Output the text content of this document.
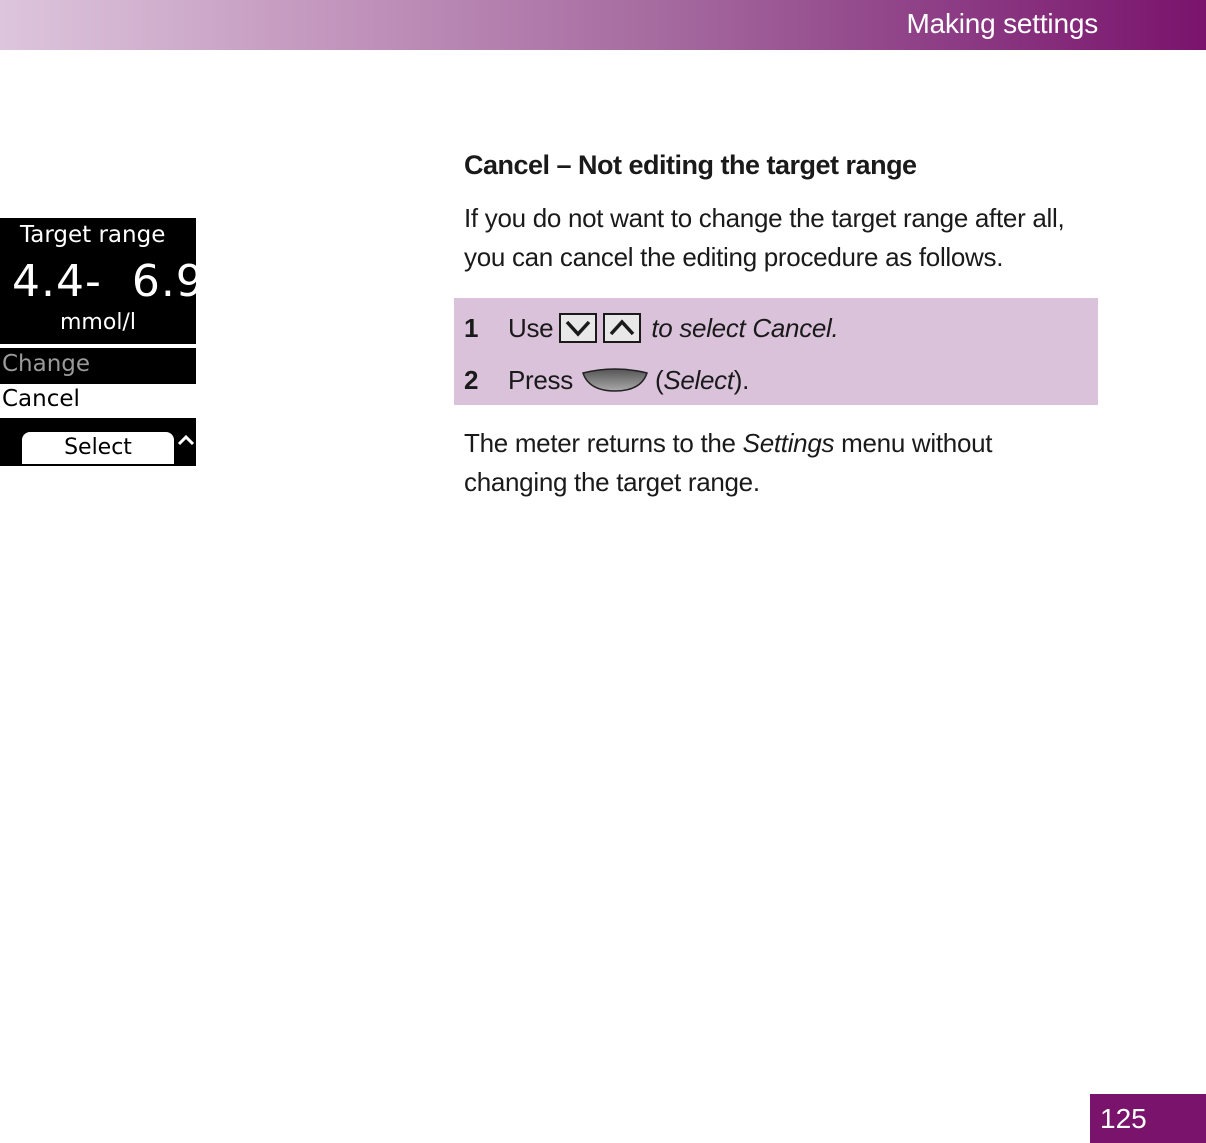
Making settings
Target range
4.4-  6.9
mmol/l
Change
Cancel
Select
Cancel – Not editing the target range
If you do not want to change the target range after all, you can cancel the editing procedure as follows.
1	Use	to select Cancel.
2	Press	( Select ).
The meter returns to the Settings menu without changing the target range.
125
